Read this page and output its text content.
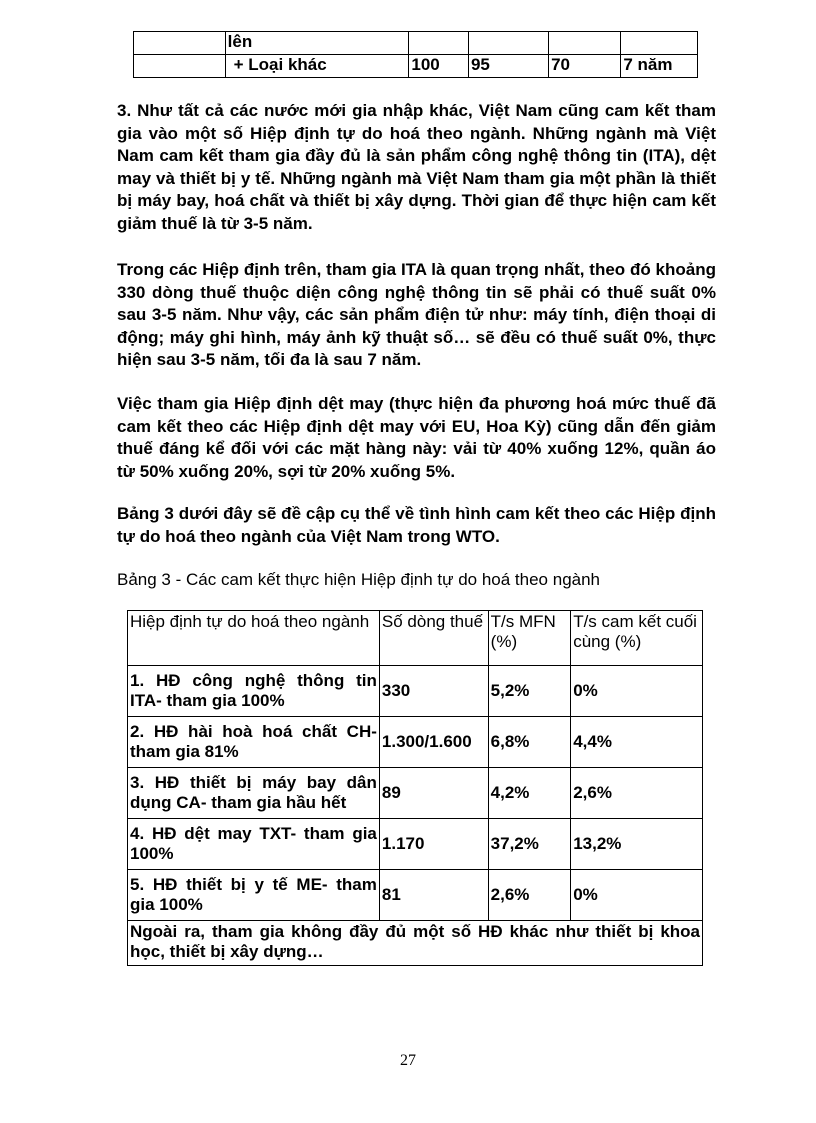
	lên				
	+ Loại khác	100	95	70	7 năm

3. Như tất cả các nước mới gia nhập khác, Việt Nam cũng cam kết tham gia vào một số Hiệp định tự do hoá theo ngành. Những ngành mà Việt Nam cam kết tham gia đầy đủ là sản phẩm công nghệ thông tin (ITA), dệt may và thiết bị y tế. Những ngành mà Việt Nam tham gia một phần là thiết bị máy bay, hoá chất và thiết bị xây dựng. Thời gian để thực hiện cam kết giảm thuế là từ 3-5 năm.

Trong các Hiệp định trên, tham gia ITA là quan trọng nhất, theo đó khoảng 330 dòng thuế thuộc diện công nghệ thông tin sẽ phải có thuế suất 0% sau 3-5 năm. Như vậy, các sản phẩm điện tử như: máy tính, điện thoại di động; máy ghi hình, máy ảnh kỹ thuật số… sẽ đều có thuế suất 0%, thực hiện sau 3-5 năm, tối đa là sau 7 năm.

Việc tham gia Hiệp định dệt may (thực hiện đa phương hoá mức thuế đã cam kết theo các Hiệp định dệt may với EU, Hoa Kỳ) cũng dẫn đến giảm thuế đáng kể đối với các mặt hàng này: vải từ 40% xuống 12%, quần áo từ 50% xuống 20%, sợi từ 20% xuống 5%.

Bảng 3 dưới đây sẽ đề cập cụ thể về tình hình cam kết theo các Hiệp định tự do hoá theo ngành của Việt Nam trong WTO.

Bảng 3 - Các cam kết thực hiện Hiệp định tự do hoá theo ngành
Hiệp định tự do hoá theo ngành	Số dòng thuế	T/s MFN (%)	T/s cam kết cuối cùng (%)
1. HĐ công nghệ thông tin ITA- tham gia 100%	330	5,2%	0%
2. HĐ hài hoà hoá chất CH- tham gia 81%	1.300/1.600	6,8%	4,4%
3. HĐ thiết bị máy bay dân dụng CA- tham gia hầu hết	89	4,2%	2,6%
4. HĐ dệt may TXT- tham gia 100%	1.170	37,2%	13,2%
5. HĐ thiết bị y tế ME- tham gia 100%	81	2,6%	0%
Ngoài ra, tham gia không đầy đủ một số HĐ khác như thiết bị khoa học, thiết bị xây dựng…			
27
